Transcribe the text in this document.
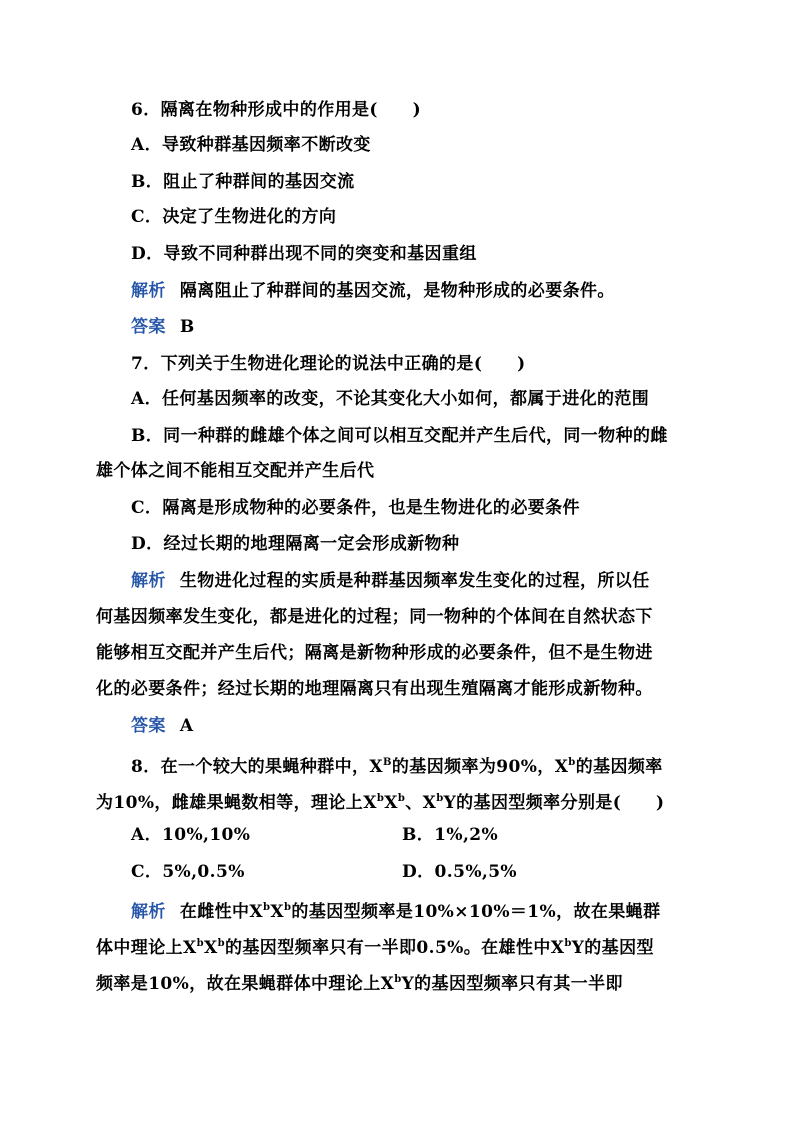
6．隔离在物种形成中的作用是(　　)
A．导致种群基因频率不断改变
B．阻止了种群间的基因交流
C．决定了生物进化的方向
D．导致不同种群出现不同的突变和基因重组
解析 隔离阻止了种群间的基因交流，是物种形成的必要条件。
答案 B
7．下列关于生物进化理论的说法中正确的是(　　)
A．任何基因频率的改变，不论其变化大小如何，都属于进化的范围
B．同一种群的雌雄个体之间可以相互交配并产生后代，同一物种的雌
雄个体之间不能相互交配并产生后代
C．隔离是形成物种的必要条件，也是生物进化的必要条件
D．经过长期的地理隔离一定会形成新物种
解析 生物进化过程的实质是种群基因频率发生变化的过程，所以任
何基因频率发生变化，都是进化的过程；同一物种的个体间在自然状态下
能够相互交配并产生后代；隔离是新物种形成的必要条件，但不是生物进
化的必要条件；经过长期的地理隔离只有出现生殖隔离才能形成新物种。
答案 A
8．在一个较大的果蝇种群中，$X^B$的基因频率为90%，$X^b$的基因频率
为10%，雌雄果蝇数相等，理论上$X^bX^b$、$X^bY$的基因型频率分别是(　　)
A．10%,10%	B．1%,2%
C．5%,0.5%	D．0.5%,5%
解析 在雌性中$X^bX^b$的基因型频率是10%×10%＝1%，故在果蝇群
体中理论上$X^bX^b$的基因型频率只有一半即0.5%。在雄性中$X^bY$的基因型
频率是10%，故在果蝇群体中理论上$X^bY$的基因型频率只有其一半即
